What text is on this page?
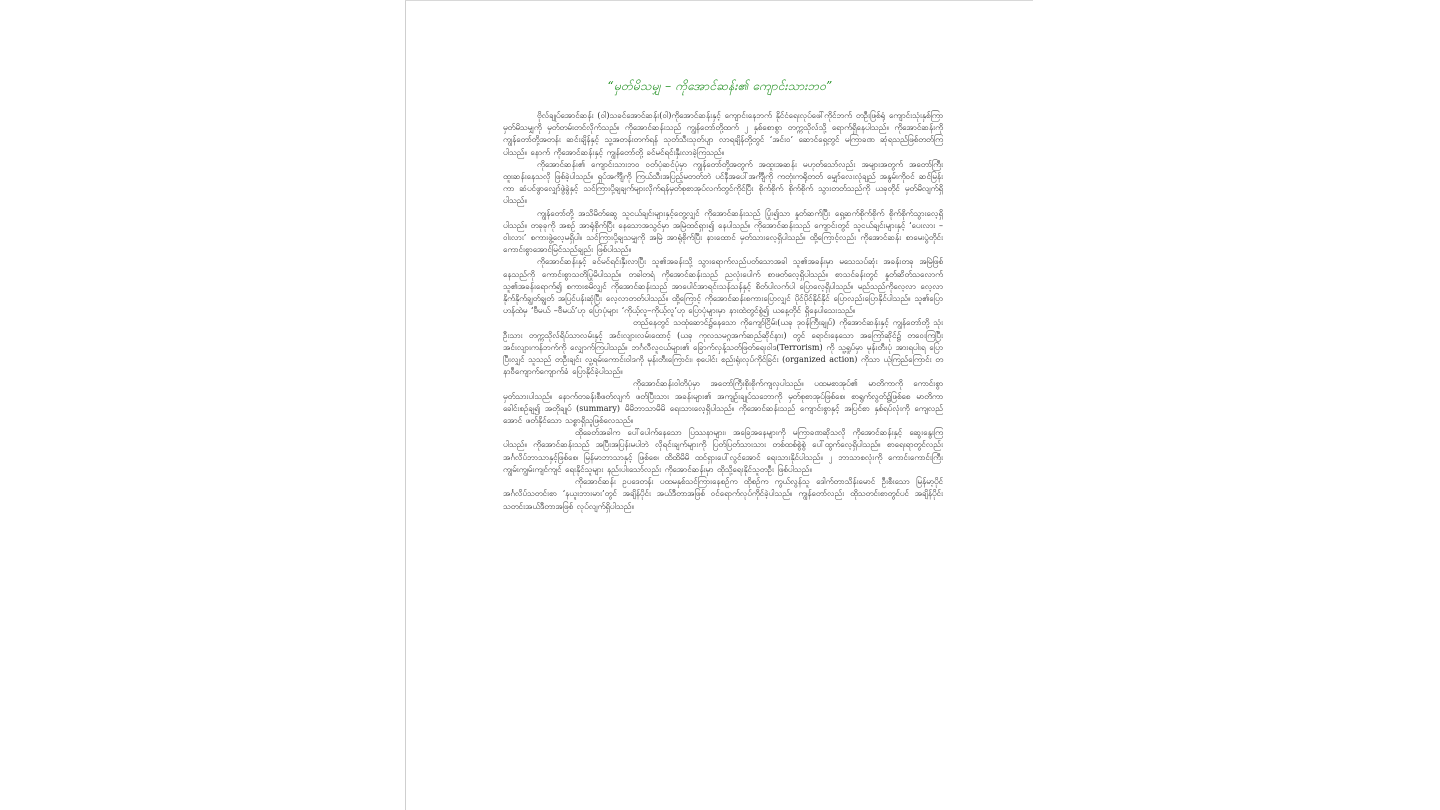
“မှတ်မိသမျှ – ကိုအောင်ဆန်း၏ ကျောင်းသားဘဝ”

ဗိုလ်ချုပ်အောင်ဆန်း (ဝါ)သခင်အောင်ဆန်း(ဝါ)ကိုအောင်ဆန်းနှင့် ကျောင်းနေဘက် နိုင်ငံရေးလုပ်ဖေါ်ကိုင်ဘက် တဦးဖြစ်ရုံ ကျောင်းသုံးနှစ်ကြာ မှတ်မိသမျှကို မှတ်တမ်းတင်လိုက်သည်။ ကိုအောင်ဆန်းသည် ကျွန်တော်တို့ထက် ၂ နှစ်စောစွာ တက္ကသိုလ်သို့ ရောက်ရှိနေပါသည်။ ကိုအောင်ဆန်းကို ကျွန်တော်တို့အတန်း ဆင်းချိန်နှင့် သူ့အတန်းတက်ရန် သုတ်သီးသုတ်ပျာ လာရချိန်တို့တွင် ‘အင်းဝ’ ဆောင်ရှေ့တွင် မကြာခဏ ဆုံရသည်ဖြစ်တတ်ကြပါသည်။ နောက် ကိုအောင်ဆန်းနှင့် ကျွန်တော်တို့ ခင်မင်ရင်းနှီးလာခဲ့ကြသည်။

ကိုအောင်ဆန်း၏ ကျောင်းသားဘဝ ဝတ်ပုံဆင်ပုံမှာ ကျွန်တော်တို့အတွက် အထူးအဆန်း မဟုတ်သော်လည်း အများအတွက် အတော်ကြီးထူးဆန်းနေသလို ဖြစ်ခဲ့ပါသည်။ ရှပ်အင်္ကျီကို ကြယ်သီးအပြည့်မတတ်ဘဲ ပင်နီအပေါ်အင်္ကျီကို ကတုံးကရိုတတ် မျှော်လေးလုံချည် အနွမ်းကိုဝင် ဆင်မြန်းကာ ဆံပင်ဖွာလျှော်ဖွဲခွဲနှင့် သင်ကြားပို့ချချက်များလိုက်ရန်မှတ်စုစာအုပ်လက်တွင်ကိုင်ပြီး စိုက်စိုက် စိုက်စိုက် သွားတတ်သည်ကို ယခုတိုင် မှတ်မိလျက်ရှိပါသည်။

ကျွန်တော်တို့ အသိမိတ်ဆွေ သူငယ်ချင်းများနှင့်တွေ့လျှင် ကိုအောင်ဆန်းသည် ပြုံး၍သာ နှုတ်ဆက်ပြီး ရှေ့ဆက်စိုက်စိုက် စိုက်စိုက်သွားလေ့ရှိပါသည်။ တခုခုကို အစဉ် အာရုံစိုက်ပြီး နေသောအသွင်မှာ အမြဲထင်ရှား၍ နေပါသည်။ ကိုအောင်ဆန်းသည် ကျောင်းတွင် သူငယ်ချင်းများနှင့် ‘ပေးလား – ဝါးလား’ စကားဖွဲ့လေ့မရှိပါ။ သင်ကြားပို့ချသမျှကို အမြဲ အာရုံစိုက်ပြီး နားထောင် မှတ်သားလေ့ရှိပါသည်။ ထို့ကြောင့်လည်း ကိုအောင်ဆန်း စာမေးပွဲတိုင်း ကောင်းစွာအောင်မြင်သည်ချည်း ဖြစ်ပါသည်။

ကိုအောင်ဆန်းနှင့် ခင်မင်ရင်းနှီးလာပြီး သူ၏အခန်းသို့ သွားရောက်လည်ပတ်သောအခါ သူ၏အခန်းမှာ မသေသပ်ဆုံး အခန်းတခု အမြဲဖြစ်နေသည်ကို ကောင်းစွာသတိပြုမိပါသည်။ တခါတရံ ကိုအောင်ဆန်းသည် ညလုံးပေါက် စာဖတ်လေ့ရှိပါသည်။ စာသင်ခန်းတွင် နှုတ်ဆိတ်သလောက် သူ၏အခန်းရောက်၍ စကားစမိလျှင် ကိုအောင်ဆန်းသည် အာပေါင်အာရင်းသန်သန်နှင့် စိတ်ပါလက်ပါ ပြောလေ့ရှိပါသည်။ မည်သည်ကိုလေ့လာ လေ့လာ နိုက်နိုက်ချွတ်ချွတ် အပြင်ပန်းဆုံပြီး လေ့လာတတ်ပါသည်။ ထို့ကြောင့် ကိုအောင်ဆန်းစကားပြောလျှင် ပိုင်ပိုင်နိုင်နိုင် ပြောလည်းပြောနိုင်ပါသည်။ သူ၏ပြောဟန်ထဲမှ ‘ဗီမယ် –ဗီမယ်’ဟု ပြောပုံများ ‘ကိုယ့်လူ–ကိုယ့်လူ’ဟု ပြောပုံများမှာ နားထဲတွင်စွဲ၍ ယနေ့တိုင် ရှိနေပါသေးသည်။

တည်နေတွင် သထုံဆောင်၌နေသော ကိုကျော်ငြိမ်း(ယခု ဒုဝန်ကြီးချုပ်) ကိုအောင်ဆန်းနှင့် ကျွန်တော်တို့ သုံးဦးသား တက္ကသိုလ်ရိပ်သာလမ်းနှင့် အင်းလျားလမ်းထောင့် (ယခု ကုလသမဂ္ဂအက်ဆည်ဆိုင်နား) တွင် ရောင်းနေသော အကြော်ဆိုင်၌ တဝေးကြပြီး အင်းလျားကန်ဘက်ကို လျှောက်ကြပါသည်။ ဘင်္ဂလီလူငယ်များ၏ ခြောက်လှန့်သတ်ဖြတ်ရေးဝါဒ(Terrorism) ကို သူ့ရှုပ်မှာ မုန်းတီးပုံ အားရပါးရ ပြောပြီးလျှင် သူသည် တဦးချင်း လူ့ရမ်းကောင်းဝါဒကို မုန်းတီးကြောင်း၊ စုပေါင်း စည်းရုံးလုပ်ကိုင်ခြင်း (organized action) ကိုသာ ယုံကြည်ကြောင်း တနာဝီကျောက်ကျောက်ခံ ပြောနိုင်ခဲ့ပါသည်။

ကိုအောင်ဆန်းဝါတိပုံမှာ အတော်ကြီးစိုးစိုက်ကျလှပါသည်။ ပထမစာအုပ်၏ မာတိကာကို ကောင်းစွာ မှတ်သားပါသည်။ နောက်တခန်းစီဖတ်လျက် ဖတ်ပြီးသား အခန်းများ၏ အကျဉ်းချုပ်သဘောကို မှတ်စုစာအုပ်ဖြစ်စေ၊ စာရွက်လွတ်၌ဖြစ်စေ မာတိကာခေါင်းစဉ်ချ၍ အတိုချုပ် (summary) မိမိဘာသာမိမိ ရေးသားလေ့ရှိပါသည်။ ကိုအောင်ဆန်းသည် ကျောင်းစွာနှင့် အပြင်စာ နှစ်ရပ်လုံးကို ကျေလည်အောင် ဖတ်နိုင်သော သစ္စာရှိသူဖြစ်လေသည်။

ထိုခေတ်အခါက ပေါ်ပေါက်နေသော ပြဿနာများ၊ အခြေအနေများကို မကြာခဏဆိုသလို ကိုအောင်ဆန်းနှင့် ဆွေးနွေးကြပါသည်။ ကိုအောင်ဆန်းသည် အပြီးအပြန်းမပါဘဲ လိုရင်းချက်များကို ပြတ်ပြတ်သားသား တစ်ထစ်စွဲစွဲ ပေါ်ထွက်လေ့ရှိပါသည်။ စာရေးရာတွင်လည်း အင်္ဂလိပ်ဘာသာနှင့်ဖြစ်စေ၊ မြန်မာဘာသာနှင့် ဖြစ်စေ၊ ထိထိမိမိ ထင်ရှားပေါ်လွင်အောင် ရေးသားနိုင်ပါသည်။ ၂ ဘာသာစလုံးကို ကောင်းကောင်းကြီး ကျွမ်းကျွမ်းကျင်ကျင် ရေးနိုင်သူများ နည်းပါးသော်လည်း ကိုအောင်ဆန်းမှာ ထိုသို့ရေးနိုင်သူတဦး ဖြစ်ပါသည်။

ကိုအောင်ဆန်း ဥပဒေတန်း ပထမနှစ်သင်ကြားနေစဉ်က ထိုစဉ်က ကွယ်လွန်သူ ဒေါက်တာသိန်းမောင် ဦးစီးသော မြန်မာ့ပိုင် အင်္ဂလိပ်သတင်းစာ ‘နယူးဘားမား’တွင် အချိန်ပိုင်း အယ်ဒီတာအဖြစ် ဝင်ရောက်လုပ်ကိုင်ခဲ့ပါသည်။ ကျွန်တော်လည်း ထိုသတင်းစာတွင်ပင် အချိန်ပိုင်း သတင်းအယ်ဒီတာအဖြစ် လုပ်လျက်ရှိပါသည်။
